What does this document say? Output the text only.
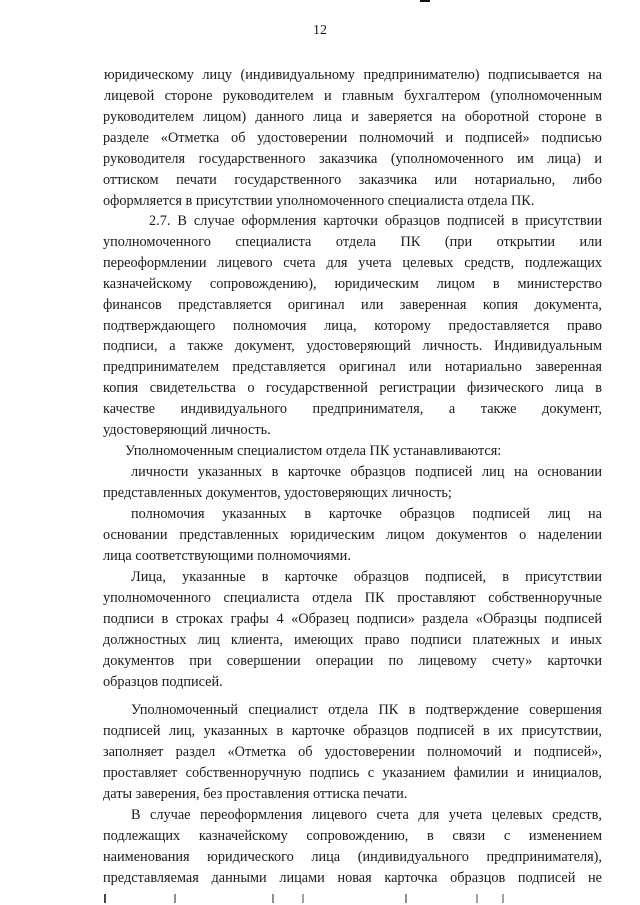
12
юридическому лицу (индивидуальному предпринимателю) подписывается на
лицевой стороне руководителем и главным бухгалтером (уполномоченным
руководителем лицом) данного лица и заверяется на оборотной стороне в
разделе «Отметка об удостоверении полномочий и подписей» подписью
руководителя государственного заказчика (уполномоченного им лица) и
оттиском печати государственного заказчика или нотариально, либо
оформляется в присутствии уполномоченного специалиста отдела ПК.
2.7. В случае оформления карточки образцов подписей в присутствии
уполномоченного специалиста отдела ПК (при открытии или
переоформлении лицевого счета для учета целевых средств, подлежащих
казначейскому сопровождению), юридическим лицом в министерство
финансов представляется оригинал или заверенная копия документа,
подтверждающего полномочия лица, которому предоставляется право
подписи, а также документ, удостоверяющий личность. Индивидуальным
предпринимателем представляется оригинал или нотариально заверенная
копия свидетельства о государственной регистрации физического лица в
качестве индивидуального предпринимателя, а также документ,
удостоверяющий личность.
Уполномоченным специалистом отдела ПК устанавливаются:
личности указанных в карточке образцов подписей лиц на основании
представленных документов, удостоверяющих личность;
полномочия указанных в карточке образцов подписей лиц на
основании представленных юридическим лицом документов о наделении
лица соответствующими полномочиями.
Лица, указанные в карточке образцов подписей, в присутствии
уполномоченного специалиста отдела ПК проставляют собственноручные
подписи в строках графы 4 «Образец подписи» раздела «Образцы подписей
должностных лиц клиента, имеющих право подписи платежных и иных
документов при совершении операции по лицевому счету» карточки
образцов подписей.
Уполномоченный специалист отдела ПК в подтверждение совершения
подписей лиц, указанных в карточке образцов подписей в их присутствии,
заполняет раздел «Отметка об удостоверении полномочий и подписей»,
проставляет собственноручную подпись с указанием фамилии и инициалов,
даты заверения, без проставления оттиска печати.
В случае переоформления лицевого счета для учета целевых средств,
подлежащих казначейскому сопровождению, в связи с изменением
наименования юридического лица (индивидуального предпринимателя),
представляемая данными лицами новая карточка образцов подписей не
